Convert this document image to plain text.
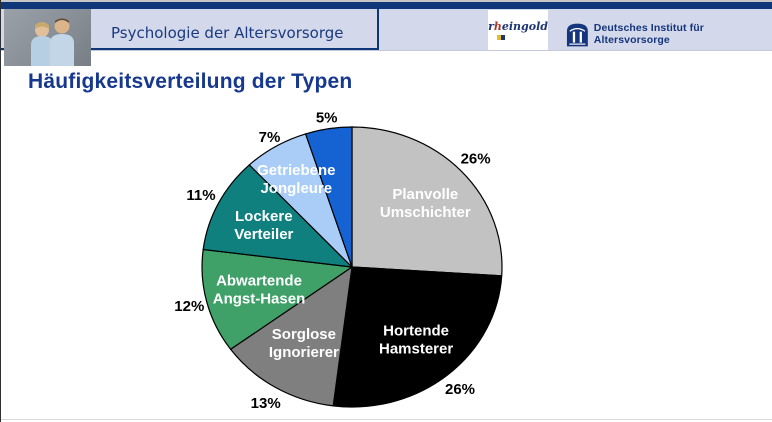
Psychologie der Altersvorsorge	rheingold	Deutsches Institut für Altersvorsorge
Häufigkeitsverteilung der Typen
Planvolle Umschichter
26%
Hortende Hamsterer
26%
Sorglose Ignorierer
13%
Abwartende Angst-Hasen
12%
Lockere Verteiler
11%
Getriebene Jongleure
7%
5%
